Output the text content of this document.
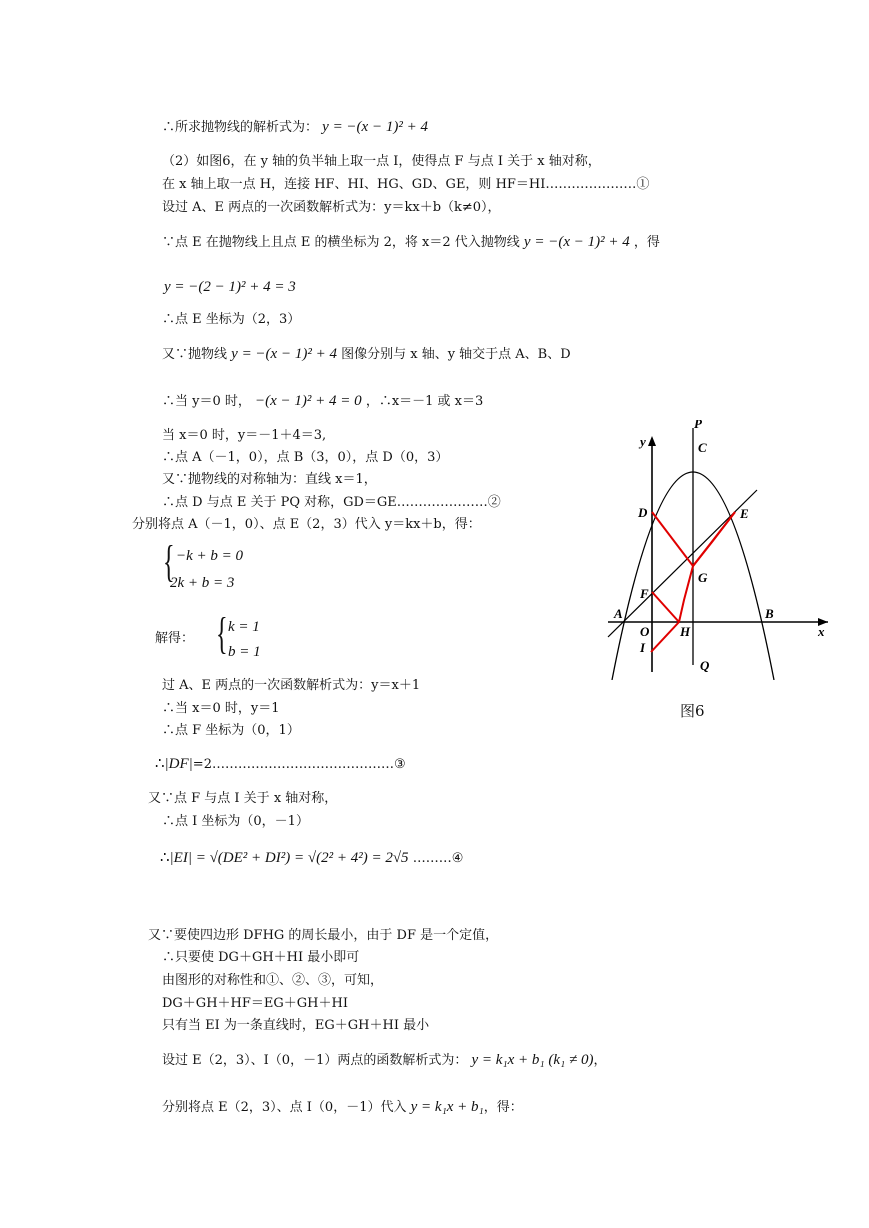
∴所求抛物线的解析式为： y = −(x − 1)² + 4
（2）如图6，在 y 轴的负半轴上取一点 I，使得点 F 与点 I 关于 x 轴对称，
在 x 轴上取一点 H，连接 HF、HI、HG、GD、GE，则 HF＝HI…………………①
设过 A、E 两点的一次函数解析式为：y＝kx＋b（k≠0），
∵点 E 在抛物线上且点 E 的横坐标为 2，将 x＝2 代入抛物线 y = −(x − 1)² + 4 ，得
y = −(2 − 1)² + 4 = 3
∴点 E 坐标为（2，3）
又∵抛物线 y = −(x − 1)² + 4 图像分别与 x 轴、y 轴交于点 A、B、D
∴当 y＝0 时， −(x − 1)² + 4 = 0 ，∴x＝－1 或 x＝3
当 x＝0 时，y＝－1＋4＝3,
∴点 A（－1，0），点 B（3，0），点 D（0，3）
又∵抛物线的对称轴为：直线 x＝1，
∴点 D 与点 E 关于 PQ 对称，GD＝GE…………………②
分别将点 A（－1，0）、点 E（2，3）代入 y＝kx＋b，得：
{ −k + b = 0
2k + b = 3
解得： { k = 1
b = 1
过 A、E 两点的一次函数解析式为：y＝x＋1
∴当 x＝0 时，y＝1
∴点 F 坐标为（0，1）
∴|DF|=2……………………………………③
又∵点 F 与点 I 关于 x 轴对称，
∴点 I 坐标为（0，－1）
∴|EI| = √(DE² + DI²) = √(2² + 4²) = 2√5 ………④
又∵要使四边形 DFHG 的周长最小，由于 DF 是一个定值，
∴只要使 DG＋GH＋HI 最小即可
由图形的对称性和①、②、③，可知，
DG＋GH＋HF＝EG＋GH＋HI
只有当 EI 为一条直线时，EG＋GH＋HI 最小
设过 E（2，3）、I（0，－1）两点的函数解析式为： y = k₁x + b₁ (k₁ ≠ 0)，
分别将点 E（2，3）、点 I（0，－1）代入 y = k₁x + b₁，得：
P
C
y
D	E
G
F
A
O H
B
I
Q
x
图6
